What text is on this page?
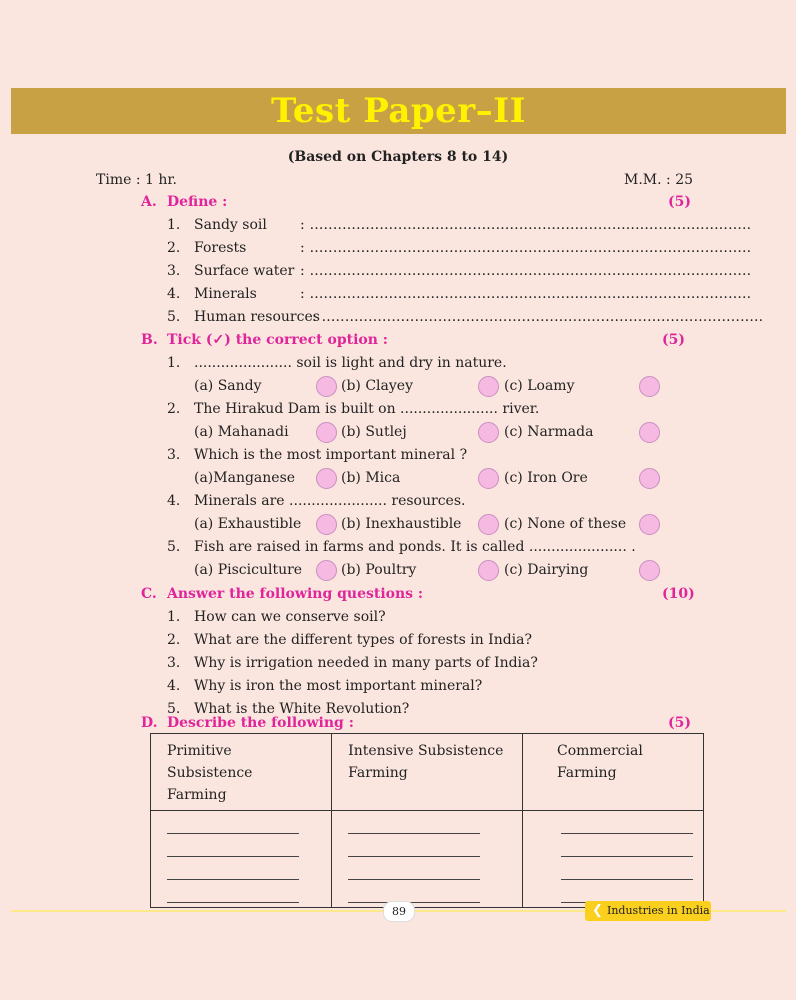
Test Paper–II
(Based on Chapters 8 to 14)
Time : 1 hr.	M.M. : 25
A. Define :	(5)
1. Sandy soil : ...............................................................................................
2. Forests	: ...............................................................................................
3. Surface water : ...............................................................................................
4. Minerals	: ...............................................................................................
5. Human resources
: ...............................................................................................
B. Tick (✓) the correct option :	(5)
1. ...................... soil is light and dry in nature.
(a) Sandy	(b) Clayey	(c) Loamy
2. The Hirakud Dam is built on ...................... river.
(a) Mahanadi	(b) Sutlej	(c) Narmada
3. Which is the most important mineral ?
(a)Manganese	(b) Mica	(c) Iron Ore
4. Minerals are ...................... resources.
(a) Exhaustible	(b) Inexhaustible	(c) None of these
5. Fish are raised in farms and ponds. It is called ...................... .
(a) Pisciculture	(b) Poultry	(c) Dairying
C. Answer the following questions :	(10)
1. How can we conserve soil?
2. What are the different types of forests in India?
3. Why is irrigation needed in many parts of India?
4. Why is iron the most important mineral?
5. What is the White Revolution?
D. Describe the following :	(5)
Primitive Subsistence
Farming	Intensive Subsistence
Farming	Commercial Farming

89	❮ Industries in India
